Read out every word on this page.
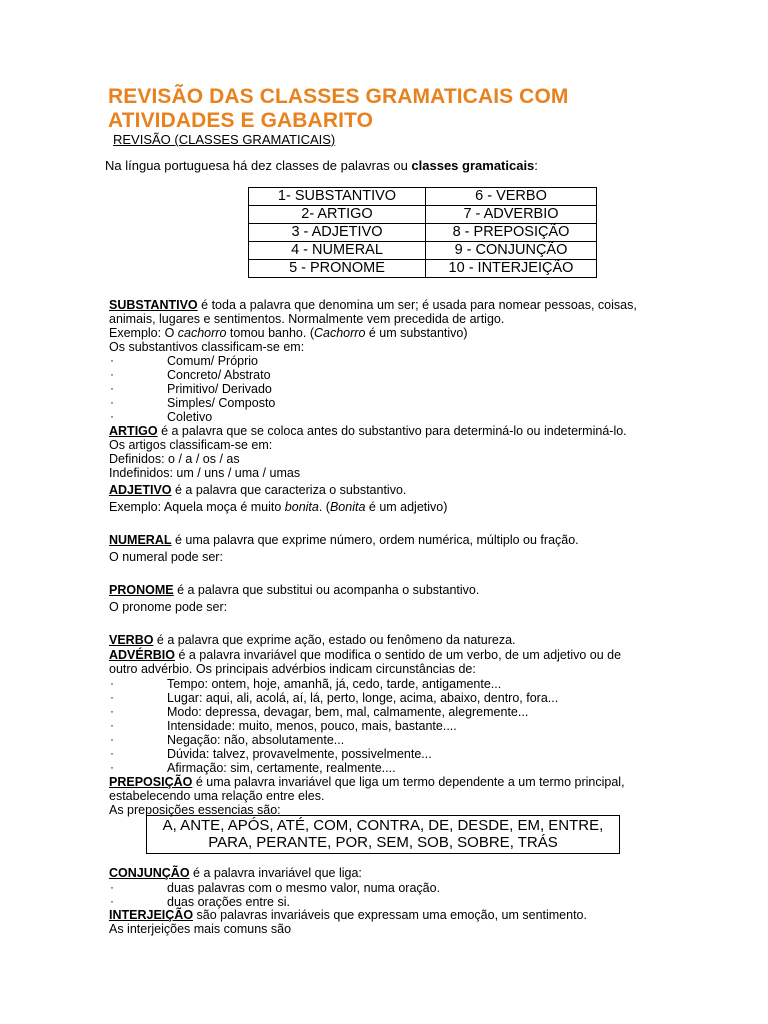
REVISÃO DAS CLASSES GRAMATICAIS COM ATIVIDADES E GABARITO
REVISÃO (CLASSES GRAMATICAIS)
Na língua portuguesa há dez classes de palavras ou classes gramaticais:
1- SUBSTANTIVO	6 - VERBO
2- ARTIGO	7 - ADVERBIO
3 - ADJETIVO	8 - PREPOSIÇÃO
4 - NUMERAL	9 - CONJUNÇÃO
5 - PRONOME	10 - INTERJEIÇÃO
SUBSTANTIVO é toda a palavra que denomina um ser; é usada para nomear pessoas, coisas,
animais, lugares e sentimentos. Normalmente vem precedida de artigo.
Exemplo: O cachorro tomou banho. (Cachorro é um substantivo)
Os substantivos classificam-se em:
·	Comum/ Próprio
·	Concreto/ Abstrato
·	Primitivo/ Derivado
·	Simples/ Composto
·	Coletivo
ARTIGO é a palavra que se coloca antes do substantivo para determiná-lo ou indeterminá-lo.
Os artigos classificam-se em:
Definidos: o / a / os / as
Indefinidos: um / uns / uma / umas
ADJETIVO é a palavra que caracteriza o substantivo.
Exemplo: Aquela moça é muito bonita. (Bonita é um adjetivo)
NUMERAL é uma palavra que exprime número, ordem numérica, múltiplo ou fração.
O numeral pode ser:
PRONOME é a palavra que substitui ou acompanha o substantivo.
O pronome pode ser:
VERBO é a palavra que exprime ação, estado ou fenômeno da natureza.
ADVÉRBIO é a palavra invariável que modifica o sentido de um verbo, de um adjetivo ou de
outro advérbio. Os principais advérbios indicam circunstâncias de:
·	Tempo: ontem, hoje, amanhã, já, cedo, tarde, antigamente...
·	Lugar: aqui, ali, acolá, aí, lá, perto, longe, acima, abaixo, dentro, fora...
·	Modo: depressa, devagar, bem, mal, calmamente, alegremente...
·	Intensidade: muito, menos, pouco, mais, bastante....
·	Negação: não, absolutamente...
·	Dúvida: talvez, provavelmente, possivelmente...
·	Afirmação: sim, certamente, realmente....
PREPOSIÇÃO é uma palavra invariável que liga um termo dependente a um termo principal,
estabelecendo uma relação entre eles.
As preposições essencias são:
A, ANTE, APÓS, ATÉ, COM, CONTRA, DE, DESDE, EM, ENTRE,
PARA, PERANTE, POR, SEM, SOB, SOBRE, TRÁS
CONJUNÇÃO é a palavra invariável que liga:
·	duas palavras com o mesmo valor, numa oração.
·	duas orações entre si.
INTERJEIÇÃO são palavras invariáveis que expressam uma emoção, um sentimento.
As interjeições mais comuns são
